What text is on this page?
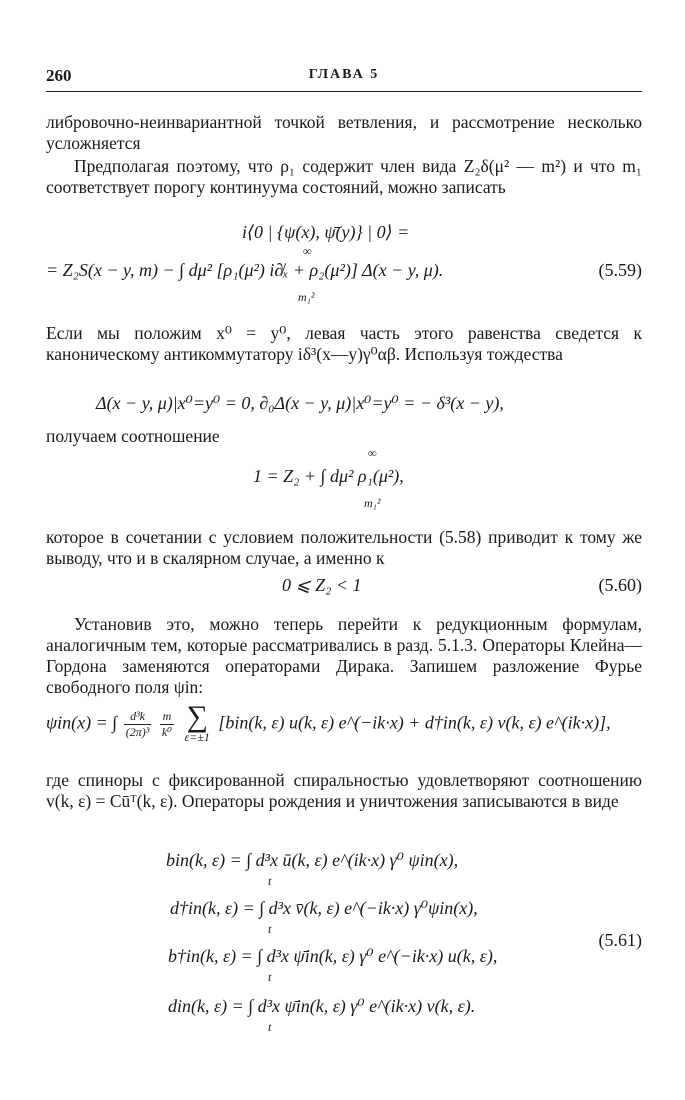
260	ГЛАВА 5
либровочно-неинвариантной точкой ветвления, и рассмотрение несколько усложняется
Предполагая поэтому, что ρ₁ содержит член вида Z₂δ(μ² — m²) и что m₁ соответствует порогу континуума состояний, можно записать
i⟨0 | {ψ(x), ψ̄(y)} | 0⟩ =
∞
= Z₂S(x − y, m) − ∫ dμ² [ρ₁(μ²) i∂̸ₓ + ρ₂(μ²)] Δ(x − y, μ).
m₁²
(5.59)
Если мы положим x⁰ = y⁰, левая часть этого равенства сведется к каноническому антикоммутатору iδ³(x—y)γ⁰αβ. Используя тождества
Δ(x − y, μ)|x⁰=y⁰ = 0, ∂₀Δ(x − y, μ)|x⁰=y⁰ = − δ³(x − y),
получаем соотношение
∞
1 = Z₂ + ∫ dμ² ρ₁(μ²),
m₁²
которое в сочетании с условием положительности (5.58) приводит к тому же выводу, что и в скалярном случае, а именно к
0 ⩽ Z₂ < 1	(5.60)
Установив это, можно теперь перейти к редукционным формулам, аналогичным тем, которые рассматривались в разд. 5.1.3. Операторы Клейна—Гордона заменяются операторами Дирака. Запишем разложение Фурье свободного поля ψin:
ψin(x) = ∫ $\frac{\text{d³k}}{\text{(2π)³}}$
$\frac{m}{\text{k⁰}}$
∑
ε=±1
[bin(k, ε) u(k, ε) e^(−ik·x) + d†in(k, ε) v(k, ε) e^(ik·x)],
где спиноры с фиксированной спиральностью удовлетворяют соотношению v(k, ε) = Cūᵀ(k, ε). Операторы рождения и уничтожения записываются в виде
bin(k, ε) = ∫ d³x ū(k, ε) e^(ik·x) γ⁰ ψin(x),
t
d†in(k, ε) = ∫ d³x v̄(k, ε) e^(−ik·x) γ⁰ψin(x),
t
b†in(k, ε) = ∫ d³x ψ̄in(k, ε) γ⁰ e^(−ik·x) u(k, ε),
t
din(k, ε) = ∫ d³x ψ̄in(k, ε) γ⁰ e^(ik·x) v(k, ε).
t
(5.61)
